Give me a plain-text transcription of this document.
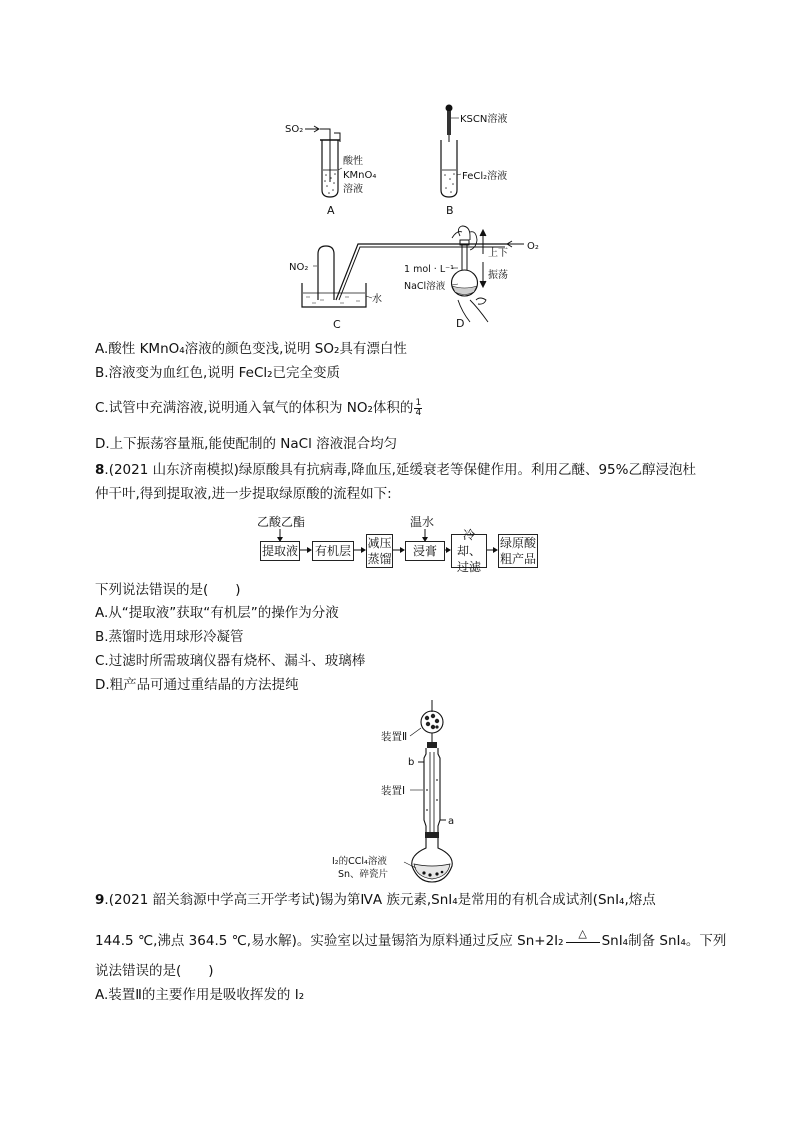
SO₂
酸性
KMnO₄
溶液
A
KSCN溶液
FeCl₂溶液
B
O₂
NO₂
水
C
1 mol · L⁻¹
NaCl溶液
上下
振荡
D
A.酸性 KMnO₄溶液的颜色变浅,说明 SO₂具有漂白性
B.溶液变为血红色,说明 FeCl₂已完全变质
C.试管中充满溶液,说明通入氧气的体积为 NO₂体积的 $\frac{1}{4}$
D.上下振荡容量瓶,能使配制的 NaCl 溶液混合均匀
8.(2021 山东济南模拟)绿原酸具有抗病毒,降血压,延缓衰老等保健作用。利用乙醚、95%乙醇浸泡杜
仲干叶,得到提取液,进一步提取绿原酸的流程如下:
乙酸乙酯	温水
提取液 有机层
减压
蒸馏
浸膏
冷却、
过滤
绿原酸
粗产品
下列说法错误的是(　　)
A.从“提取液”获取“有机层”的操作为分液
B.蒸馏时选用球形冷凝管
C.过滤时所需玻璃仪器有烧杯、漏斗、玻璃棒
D.粗产品可通过重结晶的方法提纯
装置Ⅱ
b
a
装置Ⅰ
I₂的CCl₄溶液
Sn、碎瓷片
9.(2021 韶关翁源中学高三开学考试)锡为第ⅣA 族元素,SnI₄是常用的有机合成试剂(SnI₄,熔点
144.5 ℃,沸点 364.5 ℃,易水解)。实验室以过量锡箔为原料通过反应 Sn+2I₂	△	SnI₄制备 SnI₄。下列
说法错误的是(　　)
A.装置Ⅱ的主要作用是吸收挥发的 I₂
